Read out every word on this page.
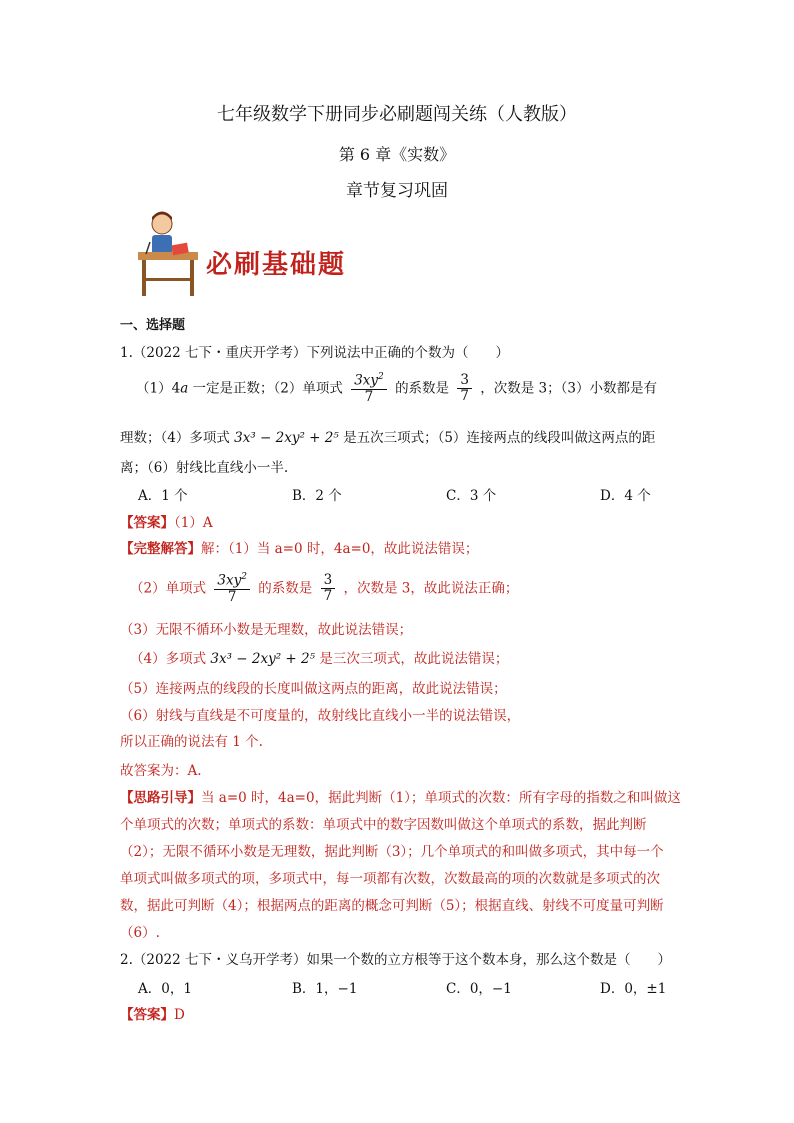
七年级数学下册同步必刷题闯关练（人教版）
第 6 章《实数》
章节复习巩固
必刷基础题
一、选择题
1.（2022 七下・重庆开学考）下列说法中正确的个数为（　　）
（1）4a 一定是正数；（2）单项式 $\frac{3xy^2}{7}$ 的系数是 $\frac{3}{7}$ ，次数是 3；（3）小数都是有
理数；（4）多项式 3x³ − 2xy² + 2⁵ 是五次三项式；（5）连接两点的线段叫做这两点的距
离；（6）射线比直线小一半.
A．1 个	B．2 个	C．3 个	D．4 个
【答案】（1）A
【完整解答】解：（1）当 a=0 时，4a=0，故此说法错误；
（2）单项式 $\frac{3xy^2}{7}$ 的系数是 $\frac{3}{7}$ ，次数是 3，故此说法正确；
（3）无限不循环小数是无理数，故此说法错误；
（4）多项式 3x³ − 2xy² + 2⁵ 是三次三项式，故此说法错误；
（5）连接两点的线段的长度叫做这两点的距离，故此说法错误；
（6）射线与直线是不可度量的，故射线比直线小一半的说法错误，
所以正确的说法有 1 个.
故答案为：A.
【思路引导】当 a=0 时，4a=0，据此判断（1）；单项式的次数：所有字母的指数之和叫做这
个单项式的次数；单项式的系数：单项式中的数字因数叫做这个单项式的系数，据此判断
（2）；无限不循环小数是无理数，据此判断（3）；几个单项式的和叫做多项式，其中每一个
单项式叫做多项式的项，多项式中，每一项都有次数，次数最高的项的次数就是多项式的次
数，据此可判断（4）；根据两点的距离的概念可判断（5）；根据直线、射线不可度量可判断
（6）.
2.（2022 七下・义乌开学考）如果一个数的立方根等于这个数本身，那么这个数是（　　）
A．0，1	B．1，−1	C．0，−1	D．0，±1
【答案】D
